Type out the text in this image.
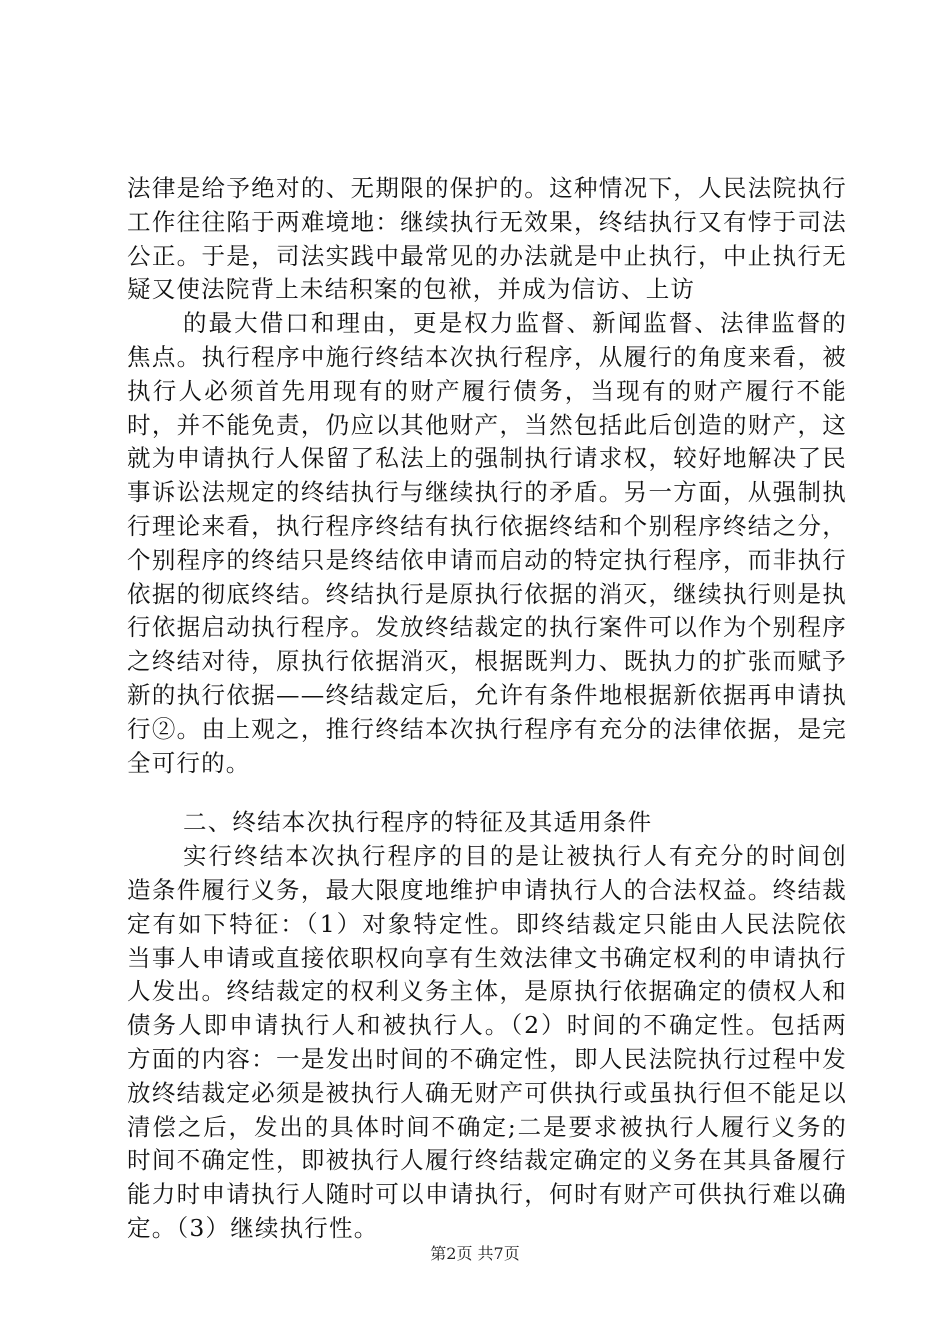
法律是给予绝对的、无期限的保护的。这种情况下，人民法院执行工作往往陷于两难境地：继续执行无效果，终结执行又有悖于司法公正。于是，司法实践中最常见的办法就是中止执行，中止执行无疑又使法院背上未结积案的包袱，并成为信访、上访

的最大借口和理由，更是权力监督、新闻监督、法律监督的焦点。执行程序中施行终结本次执行程序，从履行的角度来看，被执行人必须首先用现有的财产履行债务，当现有的财产履行不能时，并不能免责，仍应以其他财产，当然包括此后创造的财产，这就为申请执行人保留了私法上的强制执行请求权，较好地解决了民事诉讼法规定的终结执行与继续执行的矛盾。另一方面，从强制执行理论来看，执行程序终结有执行依据终结和个别程序终结之分，个别程序的终结只是终结依申请而启动的特定执行程序，而非执行依据的彻底终结。终结执行是原执行依据的消灭，继续执行则是执行依据启动执行程序。发放终结裁定的执行案件可以作为个别程序之终结对待，原执行依据消灭，根据既判力、既执力的扩张而赋予新的执行依据——终结裁定后，允许有条件地根据新依据再申请执行②。由上观之，推行终结本次执行程序有充分的法律依据，是完全可行的。

二、终结本次执行程序的特征及其适用条件

实行终结本次执行程序的目的是让被执行人有充分的时间创造条件履行义务，最大限度地维护申请执行人的合法权益。终结裁定有如下特征：（1）对象特定性。即终结裁定只能由人民法院依当事人申请或直接依职权向享有生效法律文书确定权利的申请执行人发出。终结裁定的权利义务主体，是原执行依据确定的债权人和债务人即申请执行人和被执行人。（2）时间的不确定性。包括两方面的内容：一是发出时间的不确定性，即人民法院执行过程中发放终结裁定必须是被执行人确无财产可供执行或虽执行但不能足以清偿之后，发出的具体时间不确定;二是要求被执行人履行义务的时间不确定性，即被执行人履行终结裁定确定的义务在其具备履行能力时申请执行人随时可以申请执行，何时有财产可供执行难以确定。（3）继续执行性。

第2页 共7页
